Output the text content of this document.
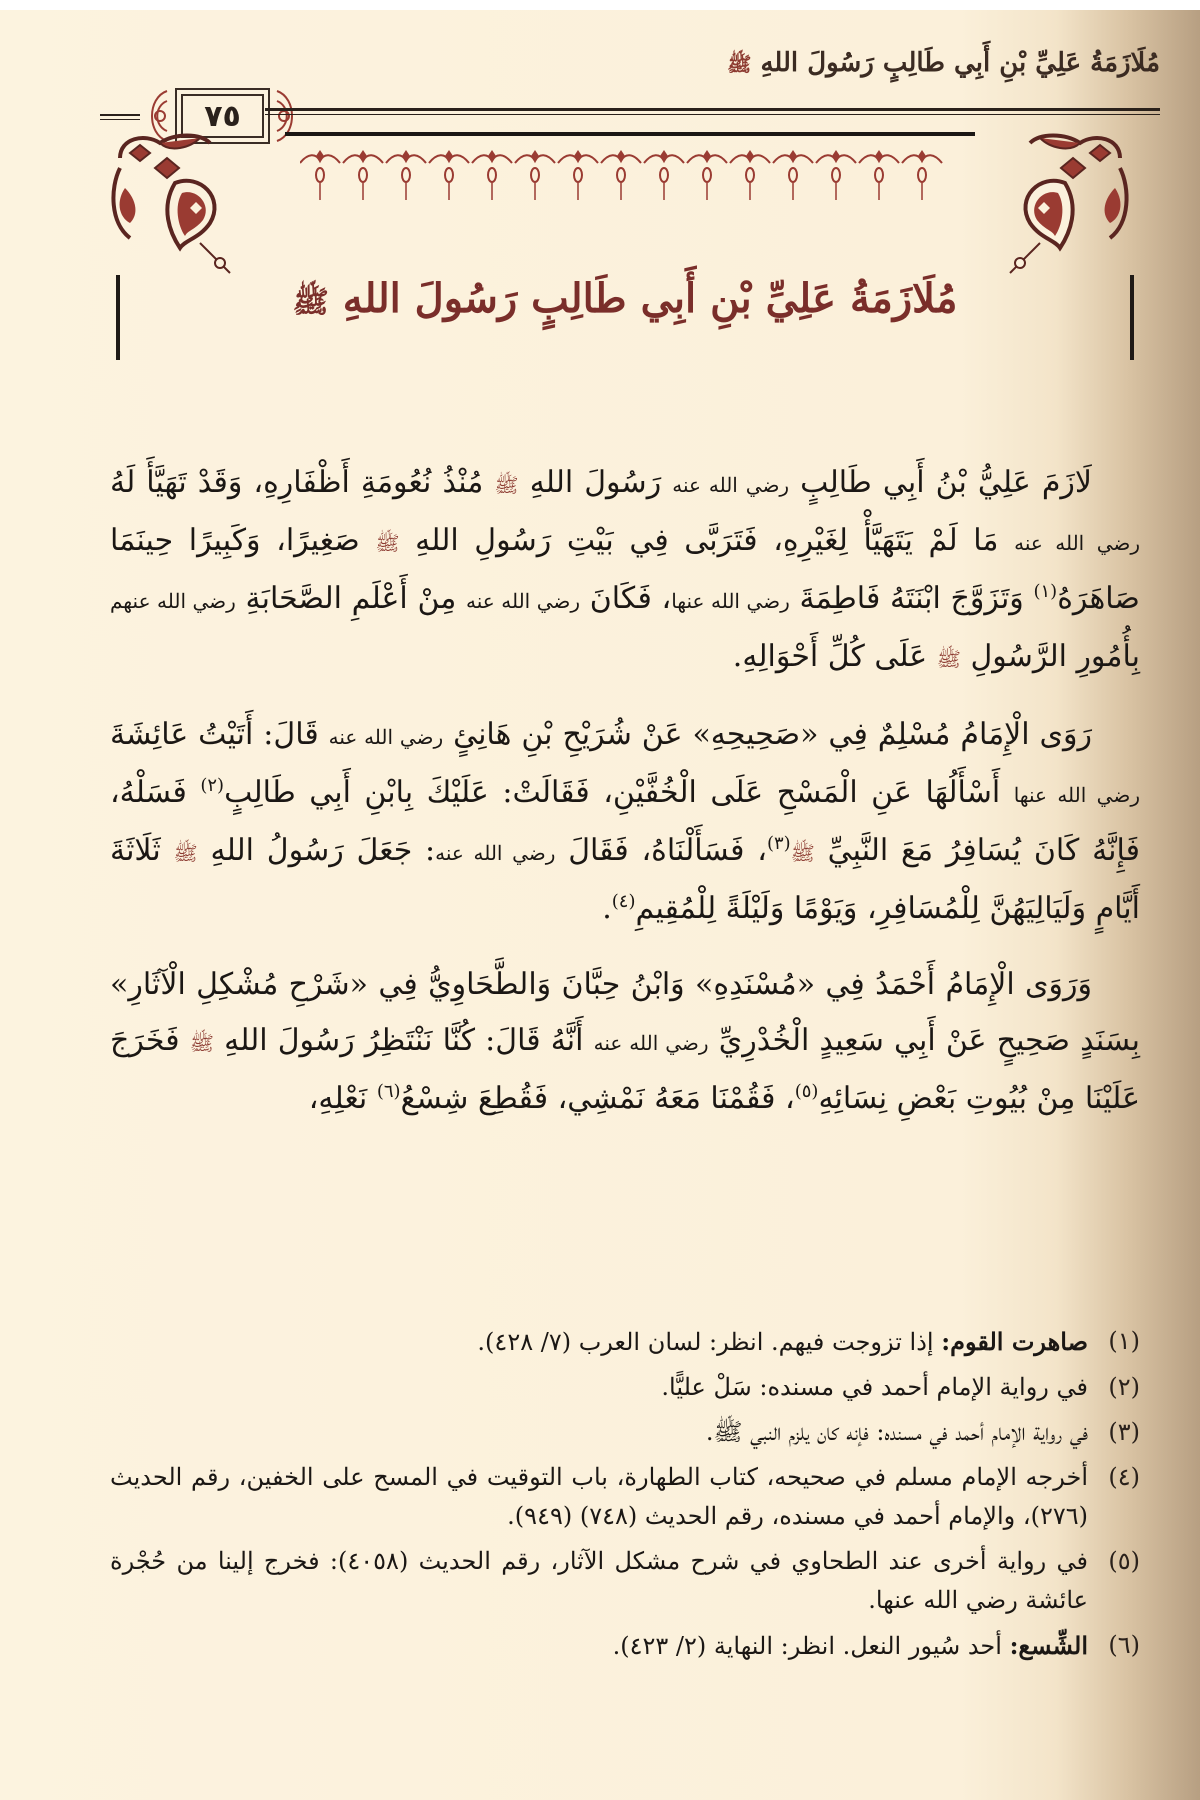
مُلَازَمَةُ عَلِيِّ بْنِ أَبِي طَالِبٍ رَسُولَ اللهِ ﷺ
٧٥
مُلَازَمَةُ عَلِيِّ بْنِ أَبِي طَالِبٍ رَسُولَ اللهِ ﷺ

لَازَمَ عَلِيُّ بْنُ أَبِي طَالِبٍ رضي الله عنه رَسُولَ اللهِ ﷺ مُنْذُ نُعُومَةِ أَظْفَارِهِ، وَقَدْ تَهَيَّأَ لَهُ رضي الله عنه مَا لَمْ يَتَهَيَّأْ لِغَيْرِهِ، فَتَرَبَّى فِي بَيْتِ رَسُولِ اللهِ ﷺ صَغِيرًا، وَكَبِيرًا حِينَمَا صَاهَرَهُ$^{(١)}$ وَتَزَوَّجَ ابْنَتَهُ فَاطِمَةَ رضي الله عنها، فَكَانَ رضي الله عنه مِنْ أَعْلَمِ الصَّحَابَةِ رضي الله عنهم بِأُمُورِ الرَّسُولِ ﷺ عَلَى كُلِّ أَحْوَالِهِ.

رَوَى الْإِمَامُ مُسْلِمٌ فِي «صَحِيحِهِ» عَنْ شُرَيْحِ بْنِ هَانِئٍ رضي الله عنه قَالَ: أَتَيْتُ عَائِشَةَ رضي الله عنها أَسْأَلُهَا عَنِ الْمَسْحِ عَلَى الْخُفَّيْنِ، فَقَالَتْ: عَلَيْكَ بِابْنِ أَبِي طَالِبٍ$^{(٢)}$ فَسَلْهُ، فَإِنَّهُ كَانَ يُسَافِرُ مَعَ النَّبِيِّ ﷺ$^{(٣)}$، فَسَأَلْنَاهُ، فَقَالَ رضي الله عنه: جَعَلَ رَسُولُ اللهِ ﷺ ثَلَاثَةَ أَيَّامٍ وَلَيَالِيَهُنَّ لِلْمُسَافِرِ، وَيَوْمًا وَلَيْلَةً لِلْمُقِيمِ$^{(٤)}$.

وَرَوَى الْإِمَامُ أَحْمَدُ فِي «مُسْنَدِهِ» وَابْنُ حِبَّانَ وَالطَّحَاوِيُّ فِي «شَرْحِ مُشْكِلِ الْآثَارِ» بِسَنَدٍ صَحِيحٍ عَنْ أَبِي سَعِيدٍ الْخُدْرِيِّ رضي الله عنه أَنَّهُ قَالَ: كُنَّا نَنْتَظِرُ رَسُولَ اللهِ ﷺ فَخَرَجَ عَلَيْنَا مِنْ بُيُوتِ بَعْضِ نِسَائِهِ$^{(٥)}$، فَقُمْنَا مَعَهُ نَمْشِي، فَقُطِعَ شِسْعُ$^{(٦)}$ نَعْلِهِ،

(١)
صاهرت القوم: إذا تزوجت فيهم. انظر: لسان العرب (٧/ ٤٢٨).
(٢)
في رواية الإمام أحمد في مسنده: سَلْ عليًّا.
(٣)
في رواية الإمام أحمد في مسنده: فإنه كان يلزم النبي ﷺ.
(٤)
أخرجه الإمام مسلم في صحيحه، كتاب الطهارة، باب التوقيت في المسح على الخفين، رقم الحديث (٢٧٦)، والإمام أحمد في مسنده، رقم الحديث (٧٤٨) (٩٤٩).
(٥)
في رواية أخرى عند الطحاوي في شرح مشكل الآثار، رقم الحديث (٤٠٥٨): فخرج إلينا من حُجْرة عائشة رضي الله عنها.
(٦)
الشِّسع: أحد سُيور النعل. انظر: النهاية (٢/ ٤٢٣).
